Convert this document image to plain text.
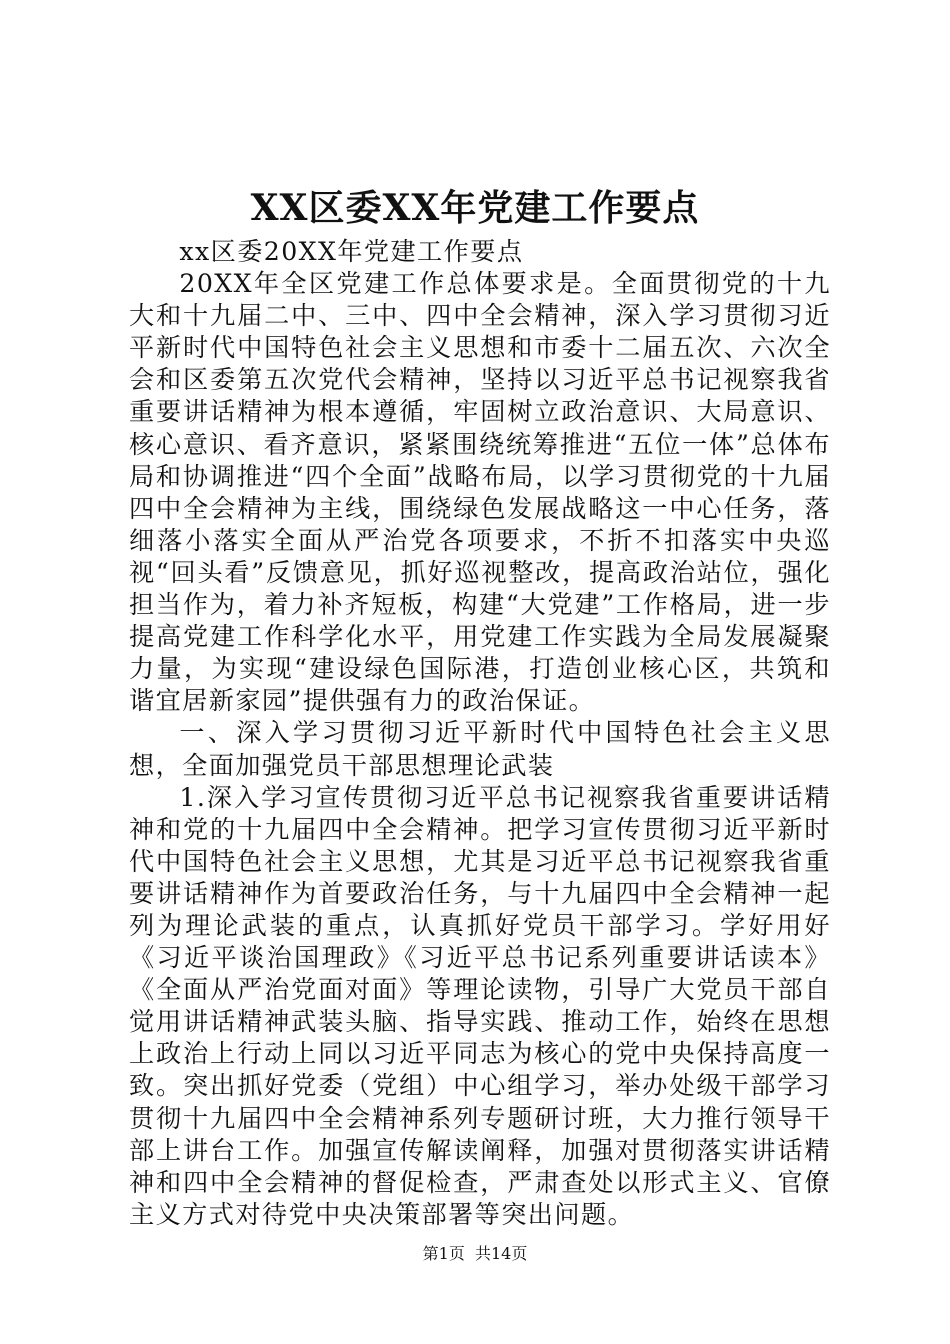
XX区委XX年党建工作要点

xx区委20XX年党建工作要点

20XX年全区党建工作总体要求是。全面贯彻党的十九大和十九届二中、三中、四中全会精神，深入学习贯彻习近平新时代中国特色社会主义思想和市委十二届五次、六次全会和区委第五次党代会精神，坚持以习近平总书记视察我省重要讲话精神为根本遵循，牢固树立政治意识、大局意识、核心意识、看齐意识，紧紧围绕统筹推进“五位一体”总体布局和协调推进“四个全面”战略布局，以学习贯彻党的十九届四中全会精神为主线，围绕绿色发展战略这一中心任务，落细落小落实全面从严治党各项要求，不折不扣落实中央巡视“回头看”反馈意见，抓好巡视整改，提高政治站位，强化担当作为，着力补齐短板，构建“大党建”工作格局，进一步提高党建工作科学化水平，用党建工作实践为全局发展凝聚力量，为实现“建设绿色国际港，打造创业核心区，共筑和谐宜居新家园”提供强有力的政治保证。

一、深入学习贯彻习近平新时代中国特色社会主义思想，全面加强党员干部思想理论武装

1.深入学习宣传贯彻习近平总书记视察我省重要讲话精神和党的十九届四中全会精神。把学习宣传贯彻习近平新时代中国特色社会主义思想，尤其是习近平总书记视察我省重要讲话精神作为首要政治任务，与十九届四中全会精神一起列为理论武装的重点，认真抓好党员干部学习。学好用好《习近平谈治国理政》《习近平总书记系列重要讲话读本》《全面从严治党面对面》等理论读物，引导广大党员干部自觉用讲话精神武装头脑、指导实践、推动工作，始终在思想上政治上行动上同以习近平同志为核心的党中央保持高度一致。突出抓好党委（党组）中心组学习，举办处级干部学习贯彻十九届四中全会精神系列专题研讨班，大力推行领导干部上讲台工作。加强宣传解读阐释，加强对贯彻落实讲话精神和四中全会精神的督促检查，严肃查处以形式主义、官僚主义方式对待党中央决策部署等突出问题。

第1页  共14页
